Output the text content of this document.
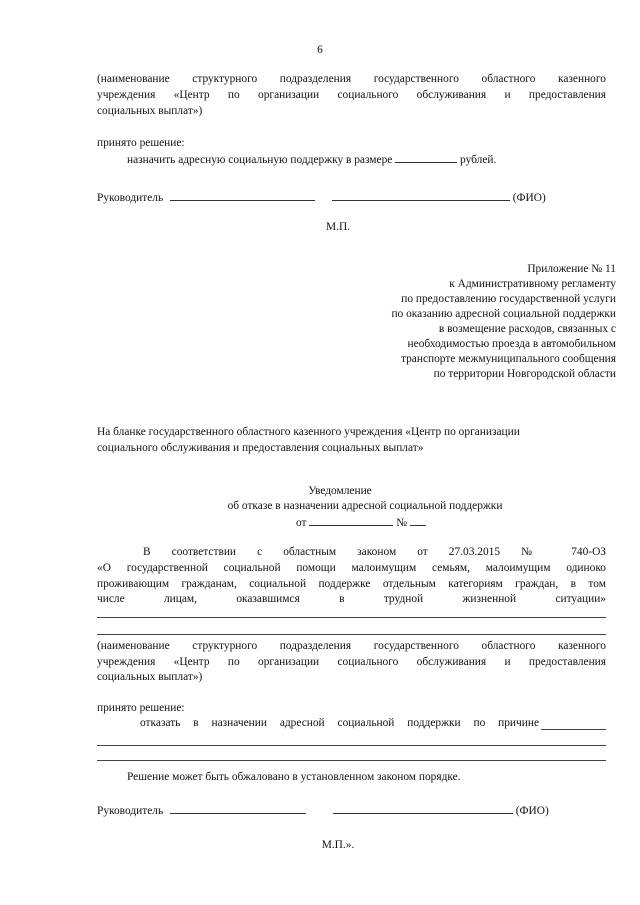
6
(наименование структурного подразделения государственного областного казенного
учреждения «Центр по организации социального обслуживания и предоставления
социальных выплат»)
принято решение:
назначить адресную социальную поддержку в размере	рублей.
Руководитель	(ФИО)
М.П.
Приложение № 11
к Административному регламенту
по предоставлению государственной услуги
по оказанию адресной социальной поддержки
в возмещение расходов, связанных с
необходимостью проезда в автомобильном
транспорте межмуниципального сообщения
по территории Новгородской области
На бланке государственного областного казенного учреждения «Центр по организации
социального обслуживания и предоставления социальных выплат»
Уведомление
об отказе в назначении адресной социальной поддержки
от	№
В соответствии с областным законом от 27.03.2015 № 740-ОЗ
«О государственной социальной помощи малоимущим семьям, малоимущим одиноко
проживающим гражданам, социальной поддержке отдельным категориям граждан, в том
числе	лицам,	оказавшимся	в	трудной	жизненной	ситуации»
(наименование структурного подразделения государственного областного казенного
учреждения «Центр по организации социального обслуживания и предоставления
социальных выплат»)
принято решение:
отказать в назначении адресной социальной поддержки по причине
Решение может быть обжаловано в установленном законом порядке.
Руководитель	(ФИО)
М.П.».
